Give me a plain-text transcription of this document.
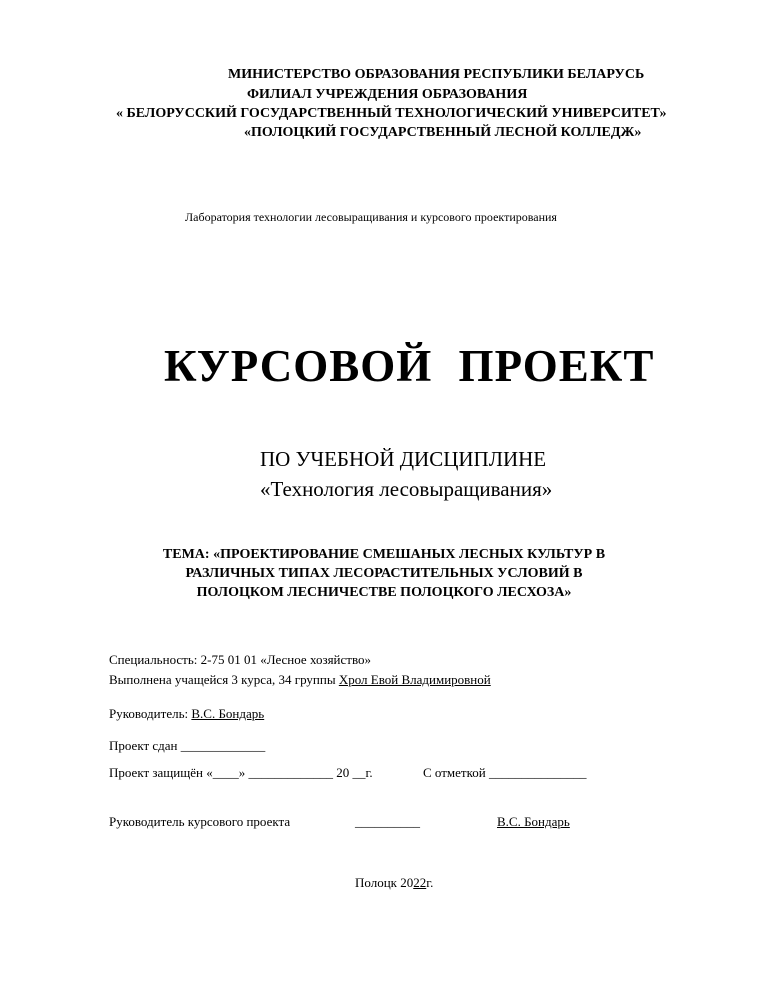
МИНИСТЕРСТВО ОБРАЗОВАНИЯ РЕСПУБЛИКИ БЕЛАРУСЬ
ФИЛИАЛ УЧРЕЖДЕНИЯ ОБРАЗОВАНИЯ
« БЕЛОРУССКИЙ ГОСУДАРСТВЕННЫЙ ТЕХНОЛОГИЧЕСКИЙ УНИВЕРСИТЕТ»
«ПОЛОЦКИЙ ГОСУДАРСТВЕННЫЙ ЛЕСНОЙ КОЛЛЕДЖ»
Лаборатория технологии лесовыращивания и курсового проектирования
КУРСОВОЙ ПРОЕКТ
ПО УЧЕБНОЙ ДИСЦИПЛИНЕ
«Технология лесовыращивания»
ТЕМА: «ПРОЕКТИРОВАНИЕ СМЕШАНЫХ ЛЕСНЫХ КУЛЬТУР В
РАЗЛИЧНЫХ ТИПАХ ЛЕСОРАСТИТЕЛЬНЫХ УСЛОВИЙ В
ПОЛОЦКОМ ЛЕСНИЧЕСТВЕ ПОЛОЦКОГО ЛЕСХОЗА»
Специальность: 2-75 01 01 «Лесное хозяйство»
Выполнена учащейся 3 курса, 34 группы Хрол Евой Владимировной
Руководитель: В.С. Бондарь
Проект сдан _____________
Проект защищён «____» _____________ 20 __г.	С отметкой _______________
Руководитель курсового проекта	__________	В.С. Бондарь
Полоцк 2022г.
